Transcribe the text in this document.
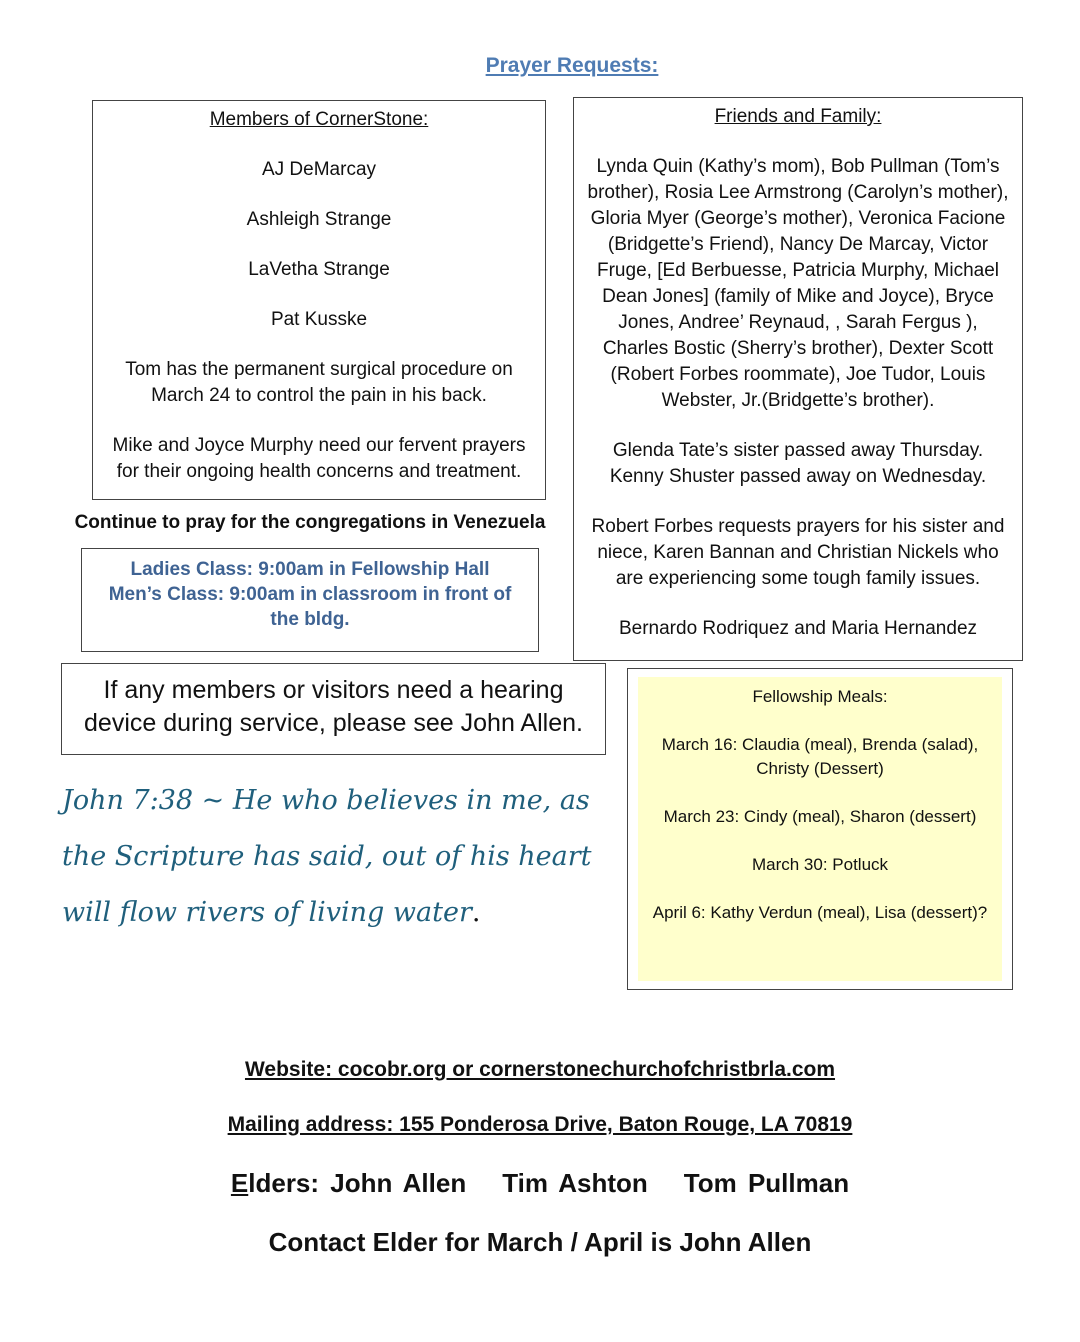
Prayer Requests:

Members of CornerStone:

AJ DeMarcay

Ashleigh Strange

LaVetha Strange

Pat Kusske

Tom has the permanent surgical procedure on March 24 to control the pain in his back.

Mike and Joyce Murphy need our fervent prayers for their ongoing health concerns and treatment.

Continue to pray for the congregations in Venezuela

Ladies Class: 9:00am in Fellowship Hall

Men’s Class: 9:00am in classroom in front of the bldg.

If any members or visitors need a hearing device during service, please see John Allen.

John 7:38 ~ He who believes in me, as the Scripture has said, out of his heart will flow rivers of living water.

Friends and Family:

Lynda Quin (Kathy’s mom), Bob Pullman (Tom’s brother), Rosia Lee Armstrong (Carolyn’s mother), Gloria Myer (George’s mother), Veronica Facione (Bridgette’s Friend), Nancy De Marcay, Victor Fruge, [Ed Berbuesse, Patricia Murphy, Michael Dean Jones] (family of Mike and Joyce), Bryce Jones, Andree’ Reynaud, , Sarah Fergus ), Charles Bostic (Sherry’s brother), Dexter Scott (Robert Forbes roommate), Joe Tudor, Louis Webster, Jr.(Bridgette’s brother).

Glenda Tate’s sister passed away Thursday.

Kenny Shuster passed away on Wednesday.

Robert Forbes requests prayers for his sister and niece, Karen Bannan and Christian Nickels who are experiencing some tough family issues.

Bernardo Rodriquez and Maria Hernandez

Fellowship Meals:

March 16: Claudia (meal), Brenda (salad), Christy (Dessert)

March 23: Cindy (meal), Sharon (dessert)

March 30: Potluck

April 6: Kathy Verdun (meal), Lisa (dessert)?

Website: cocobr.org or cornerstonechurchofchristbrla.com
Mailing address: 155 Ponderosa Drive, Baton Rouge, LA 70819
Elders: John Allen Tim Ashton Tom Pullman
Contact Elder for March / April is John Allen
